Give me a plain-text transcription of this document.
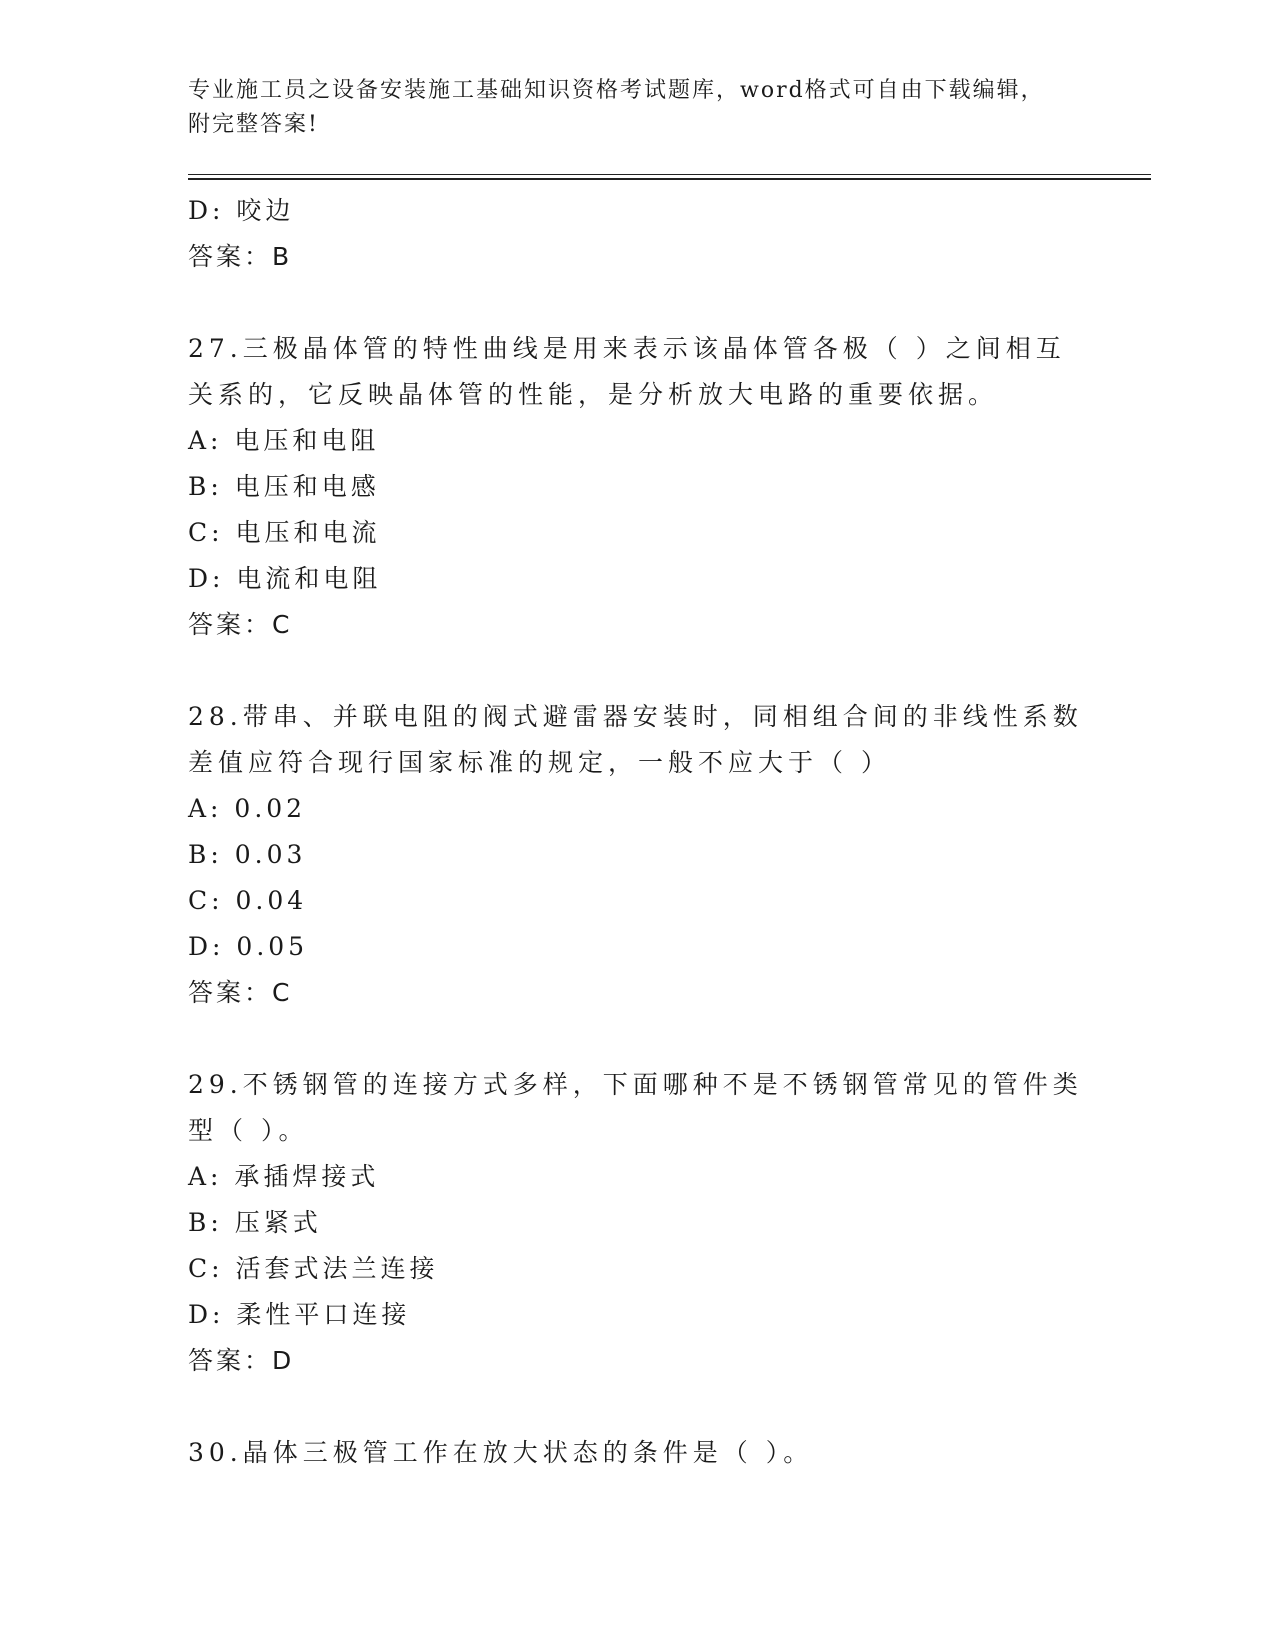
专业施工员之设备安装施工基础知识资格考试题库，word格式可自由下载编辑，
附完整答案!
D: 咬边
答案：B
27.三极晶体管的特性曲线是用来表示该晶体管各极（ ）之间相互关系的，它反映晶体管的性能，是分析放大电路的重要依据。
A: 电压和电阻
B: 电压和电感
C: 电压和电流
D: 电流和电阻
答案：C
28.带串、并联电阻的阀式避雷器安装时，同相组合间的非线性系数差值应符合现行国家标准的规定，一般不应大于（ ）
A: 0.02
B: 0.03
C: 0.04
D: 0.05
答案：C
29.不锈钢管的连接方式多样，下面哪种不是不锈钢管常见的管件类型（ ）。
A: 承插焊接式
B: 压紧式
C: 活套式法兰连接
D: 柔性平口连接
答案：D
30.晶体三极管工作在放大状态的条件是（ ）。
